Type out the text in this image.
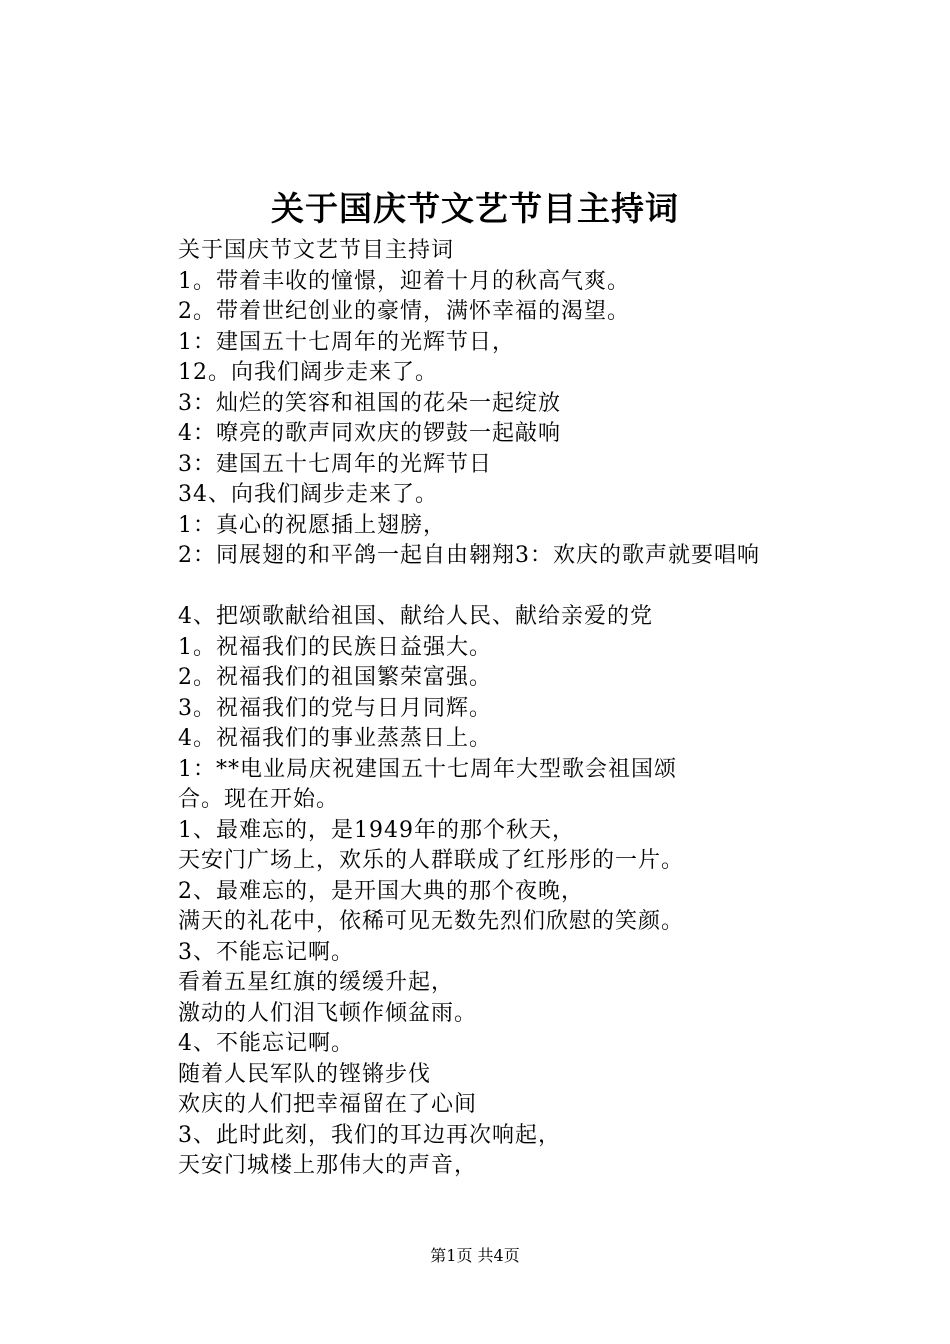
关于国庆节文艺节目主持词
关于国庆节文艺节目主持词
1。带着丰收的憧憬，迎着十月的秋高气爽。
2。带着世纪创业的豪情，满怀幸福的渴望。
1：建国五十七周年的光辉节日，
12。向我们阔步走来了。
3：灿烂的笑容和祖国的花朵一起绽放
4：嘹亮的歌声同欢庆的锣鼓一起敲响
3：建国五十七周年的光辉节日
34、向我们阔步走来了。
1：真心的祝愿插上翅膀，
2：同展翅的和平鸽一起自由翱翔3：欢庆的歌声就要唱响
4、把颂歌献给祖国、献给人民、献给亲爱的党
1。祝福我们的民族日益强大。
2。祝福我们的祖国繁荣富强。
3。祝福我们的党与日月同辉。
4。祝福我们的事业蒸蒸日上。
1：**电业局庆祝建国五十七周年大型歌会祖国颂
合。现在开始。
1、最难忘的，是1949年的那个秋天，
天安门广场上，欢乐的人群联成了红彤彤的一片。
2、最难忘的，是开国大典的那个夜晚，
满天的礼花中，依稀可见无数先烈们欣慰的笑颜。
3、不能忘记啊。
看着五星红旗的缓缓升起，
激动的人们泪飞顿作倾盆雨。
4、不能忘记啊。
随着人民军队的铿锵步伐
欢庆的人们把幸福留在了心间
3、此时此刻，我们的耳边再次响起，
天安门城楼上那伟大的声音，
第1页 共4页
